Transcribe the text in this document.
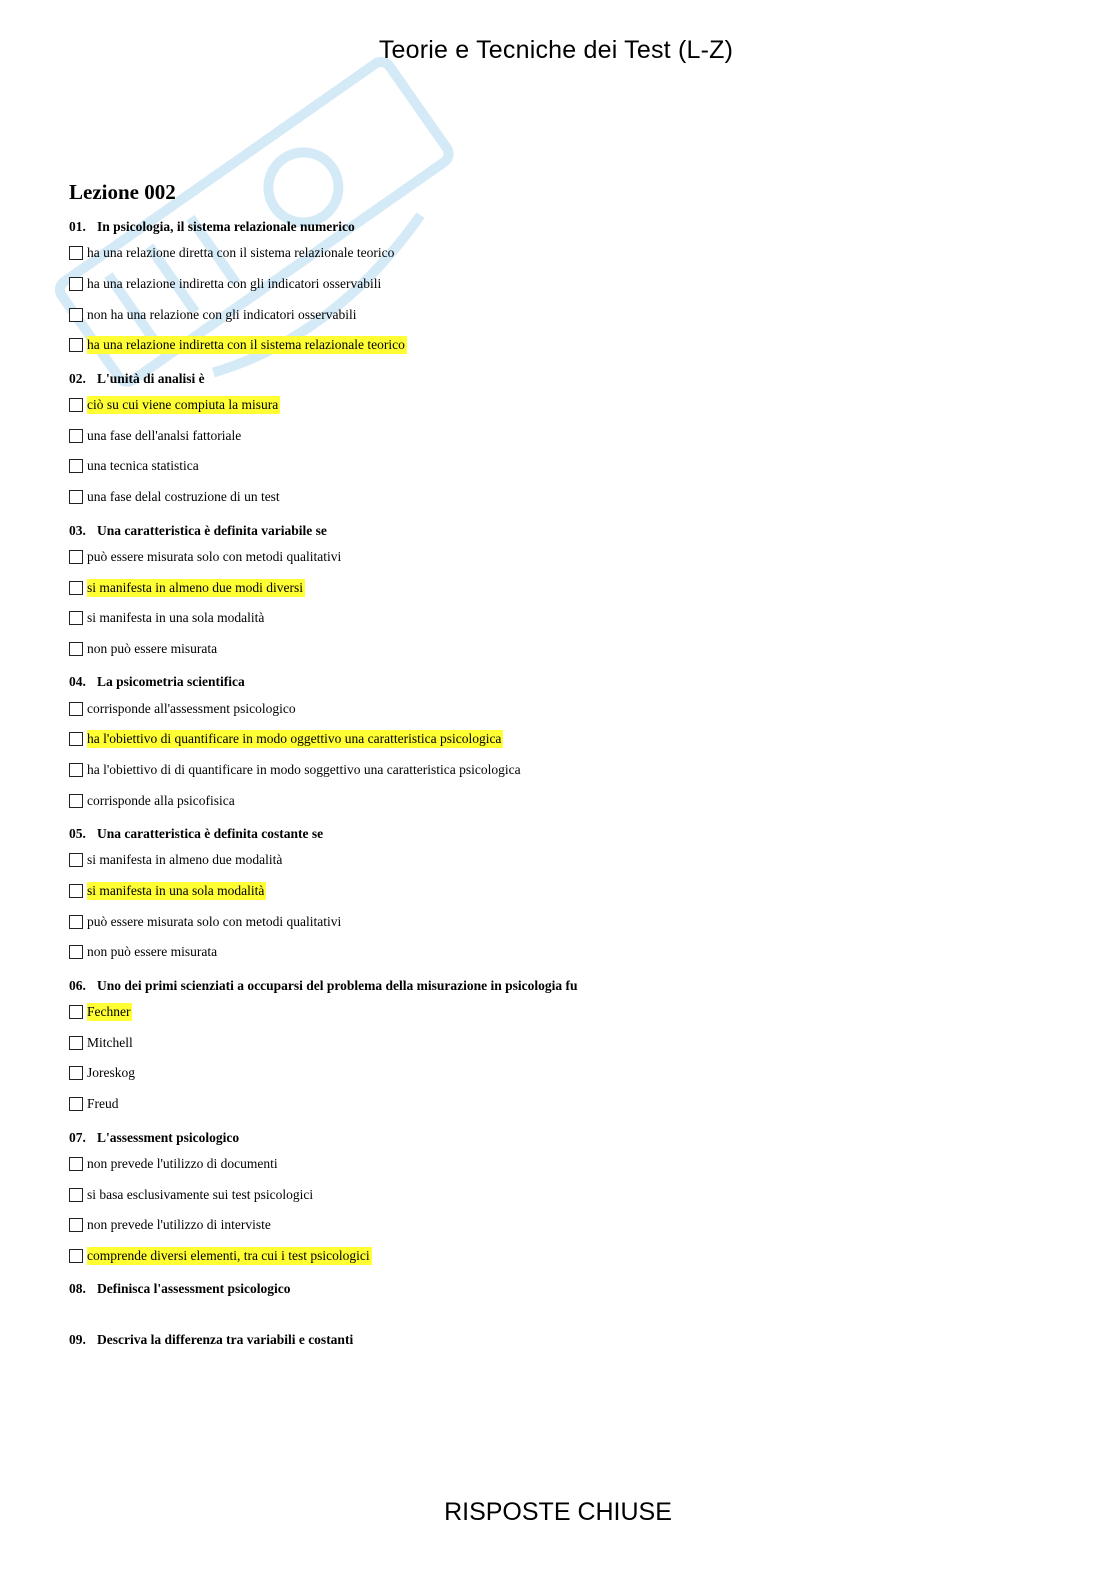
Teorie e Tecniche dei Test (L-Z)
Lezione 002
01. In psicologia, il sistema relazionale numerico
ha una relazione diretta con il sistema relazionale teorico
ha una relazione indiretta con gli indicatori osservabili
non ha una relazione con gli indicatori osservabili
ha una relazione indiretta con il sistema relazionale teorico
02. L'unità di analisi è
ciò su cui viene compiuta la misura
una fase dell'analsi fattoriale
una tecnica statistica
una fase delal costruzione di un test
03. Una caratteristica è definita variabile se
può essere misurata solo con metodi qualitativi
si manifesta in almeno due modi diversi
si manifesta in una sola modalità
non può essere misurata
04. La psicometria scientifica
corrisponde all'assessment psicologico
ha l'obiettivo di quantificare in modo oggettivo una caratteristica psicologica
ha l'obiettivo di di quantificare in modo soggettivo una caratteristica psicologica
corrisponde alla psicofisica
05. Una caratteristica è definita costante se
si manifesta in almeno due modalità
si manifesta in una sola modalità
può essere misurata solo con metodi qualitativi
non può essere misurata
06. Uno dei primi scienziati a occuparsi del problema della misurazione in psicologia fu
Fechner
Mitchell
Joreskog
Freud
07. L'assessment psicologico
non prevede l'utilizzo di documenti
si basa esclusivamente sui test psicologici
non prevede l'utilizzo di interviste
comprende diversi elementi, tra cui i test psicologici
08. Definisca l'assessment psicologico
09. Descriva la differenza tra variabili e costanti
RISPOSTE CHIUSE
